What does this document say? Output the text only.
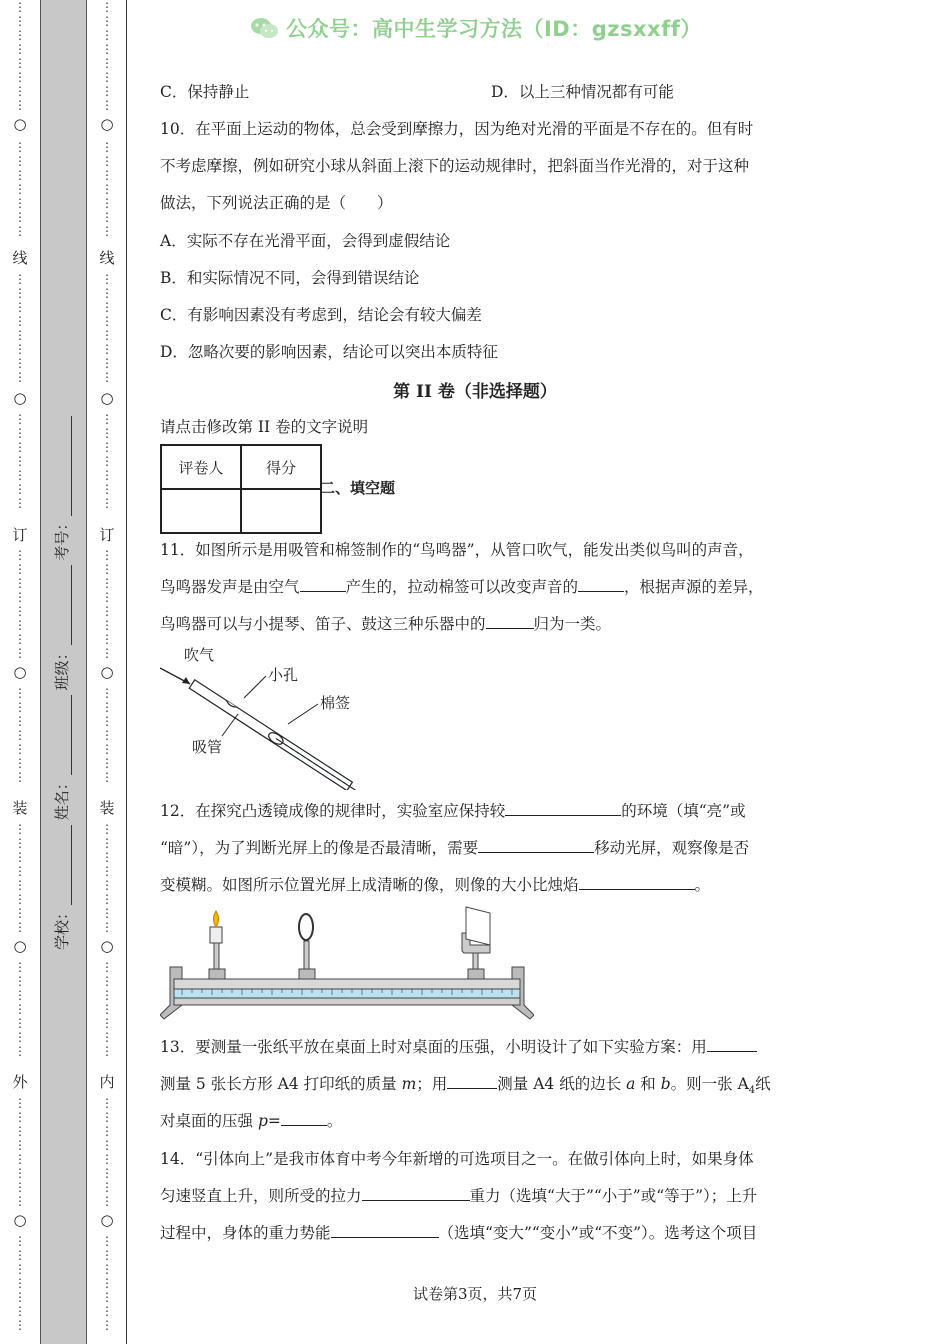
公众号：高中生学习方法（ID：gzsxxff）
⋮
⋮
⋮
⋮
⋮
⋮
⋮
⋮
○
⋮
⋮
⋮
⋮
⋮
⋮
⋮
线
⋮
⋮
⋮
⋮
⋮
⋮
⋮
⋮
○
⋮
⋮
⋮
⋮
⋮
⋮
⋮
订
⋮
⋮
⋮
⋮
⋮
⋮
⋮
⋮
○
⋮
⋮
⋮
⋮
⋮
⋮
⋮
装
⋮
⋮
⋮
⋮
⋮
⋮
⋮
⋮
○
⋮
⋮
⋮
⋮
⋮
⋮
⋮
外
⋮
⋮
⋮
⋮
⋮
⋮
⋮
⋮
○
⋮
⋮
⋮
⋮
⋮
⋮
⋮
学校： 姓名： 班级： 考号：
⋮
⋮
⋮
⋮
⋮
⋮
⋮
⋮
○
⋮
⋮
⋮
⋮
⋮
⋮
⋮
线
⋮
⋮
⋮
⋮
⋮
⋮
⋮
⋮
○
⋮
⋮
⋮
⋮
⋮
⋮
⋮
订
⋮
⋮
⋮
⋮
⋮
⋮
⋮
⋮
○
⋮
⋮
⋮
⋮
⋮
⋮
⋮
装
⋮
⋮
⋮
⋮
⋮
⋮
⋮
⋮
○
⋮
⋮
⋮
⋮
⋮
⋮
⋮
内
⋮
⋮
⋮
⋮
⋮
⋮
⋮
⋮
○
⋮
⋮
⋮
⋮
⋮
⋮
⋮
C．保持静止	D．以上三种情况都有可能
10．在平面上运动的物体，总会受到摩擦力，因为绝对光滑的平面是不存在的。但有时
不考虑摩擦，例如研究小球从斜面上滚下的运动规律时，把斜面当作光滑的，对于这种
做法，下列说法正确的是（　　）
A．实际不存在光滑平面，会得到虚假结论
B．和实际情况不同，会得到错误结论
C．有影响因素没有考虑到，结论会有较大偏差
D．忽略次要的影响因素，结论可以突出本质特征
第 II 卷（非选择题）
请点击修改第 II 卷的文字说明
评卷人	得分

二、填空题
11．如图所示是用吸管和棉签制作的“鸟鸣器”，从管口吹气，能发出类似鸟叫的声音，
鸟鸣器发声是由空气	产生的，拉动棉签可以改变声音的	，根据声源的差异，
鸟鸣器可以与小提琴、笛子、鼓这三种乐器中的	归为一类。
吹气
小孔
棉签
吸管
12．在探究凸透镜成像的规律时，实验室应保持较	的环境（填“亮”或
“暗”），为了判断光屏上的像是否最清晰，需要	移动光屏，观察像是否
变模糊。如图所示位置光屏上成清晰的像，则像的大小比烛焰	。
13．要测量一张纸平放在桌面上时对桌面的压强，小明设计了如下实验方案：用
测量 5 张长方形 A4 打印纸的质量 m；用	测量 A4 纸的边长 a 和 b。则一张 $A_4$纸
对桌面的压强 p=	。
14．“引体向上”是我市体育中考今年新增的可选项目之一。在做引体向上时，如果身体
匀速竖直上升，则所受的拉力	重力（选填“大于”“小于”或“等于”）；上升
过程中，身体的重力势能	（选填“变大”“变小”或“不变”）。选考这个项目
试卷第3页，共7页
